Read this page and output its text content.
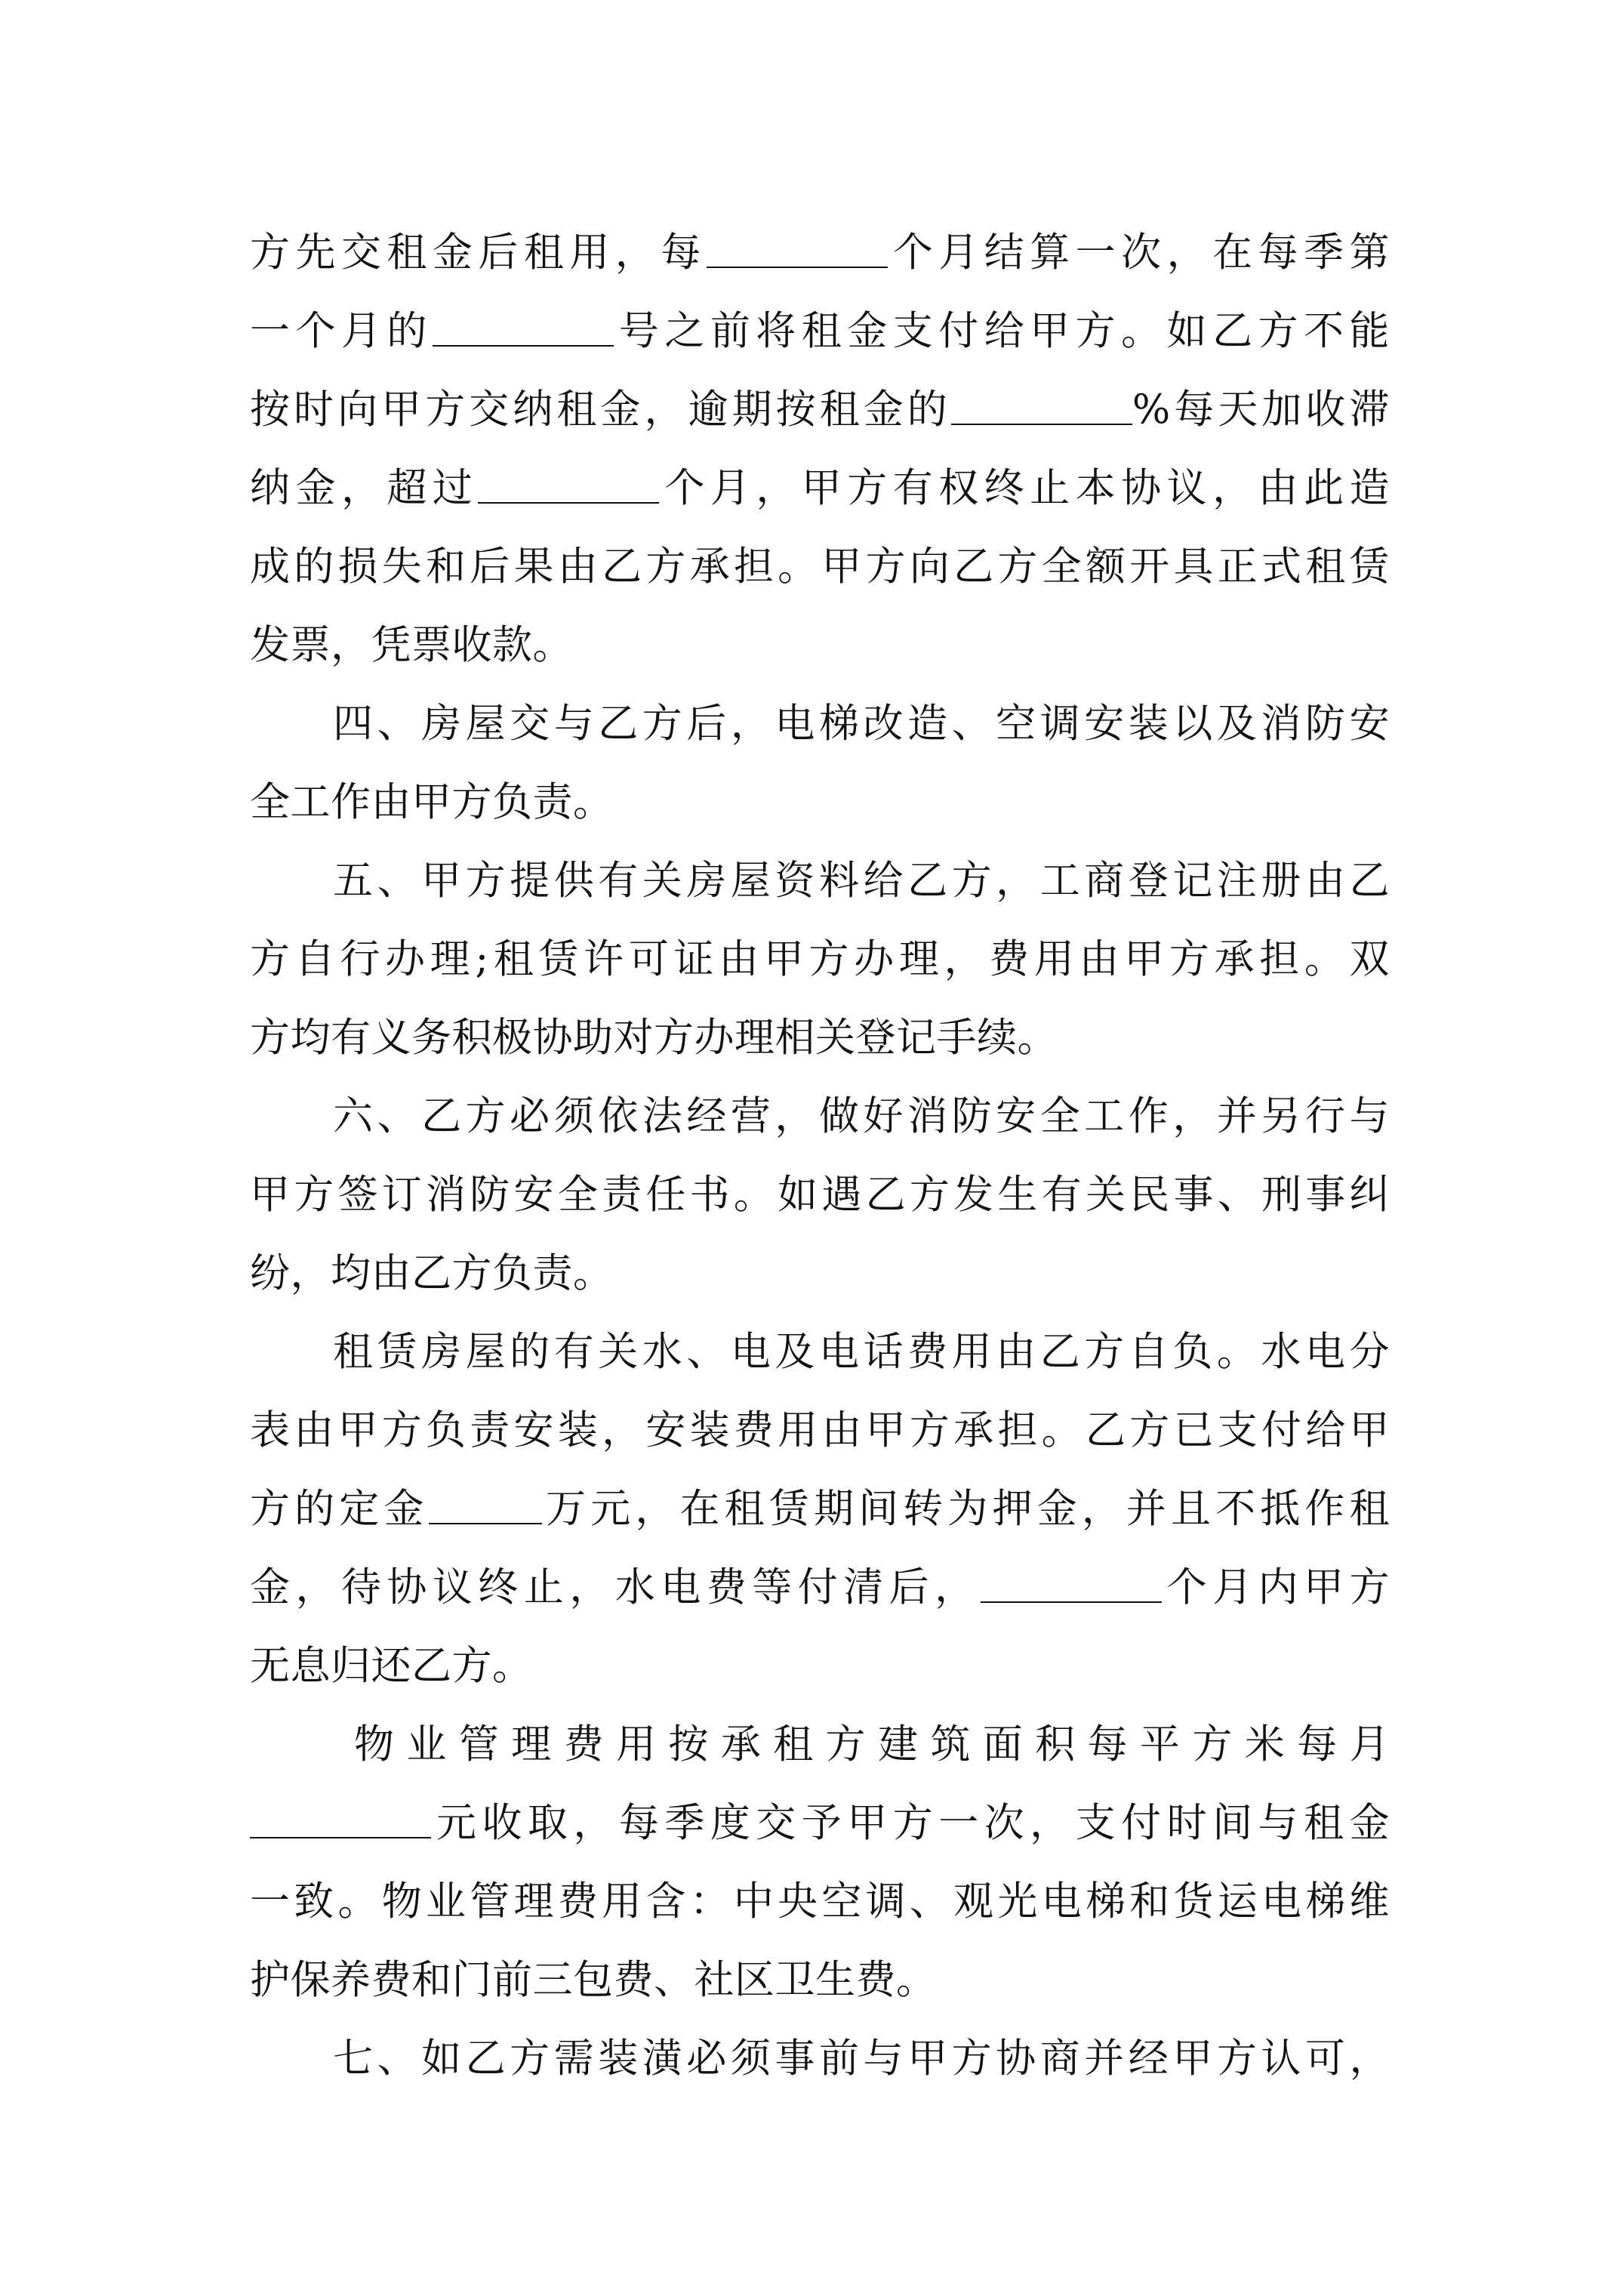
方先交租金后租用，每	个月结算一次，在每季第
一个月的	号之前将租金支付给甲方。如乙方不能
按时向甲方交纳租金，逾期按租金的	%每天加收滞
纳金，超过	个月，甲方有权终止本协议，由此造
成的损失和后果由乙方承担。甲方向乙方全额开具正式租赁
发票，凭票收款。
四、房屋交与乙方后，电梯改造、空调安装以及消防安
全工作由甲方负责。
五、甲方提供有关房屋资料给乙方，工商登记注册由乙
方自行办理;租赁许可证由甲方办理，费用由甲方承担。双
方均有义务积极协助对方办理相关登记手续。
六、乙方必须依法经营，做好消防安全工作，并另行与
甲方签订消防安全责任书。如遇乙方发生有关民事、刑事纠
纷，均由乙方负责。
租赁房屋的有关水、电及电话费用由乙方自负。水电分
表由甲方负责安装，安装费用由甲方承担。乙方已支付给甲
方的定金	万元，在租赁期间转为押金，并且不抵作租
金，待协议终止，水电费等付清后，	个月内甲方
无息归还乙方。
物业管理费用按承租方建筑面积每平方米每月
元收取，每季度交予甲方一次，支付时间与租金
一致。物业管理费用含：中央空调、观光电梯和货运电梯维
护保养费和门前三包费、社区卫生费。
七、如乙方需装潢必须事前与甲方协商并经甲方认可，
